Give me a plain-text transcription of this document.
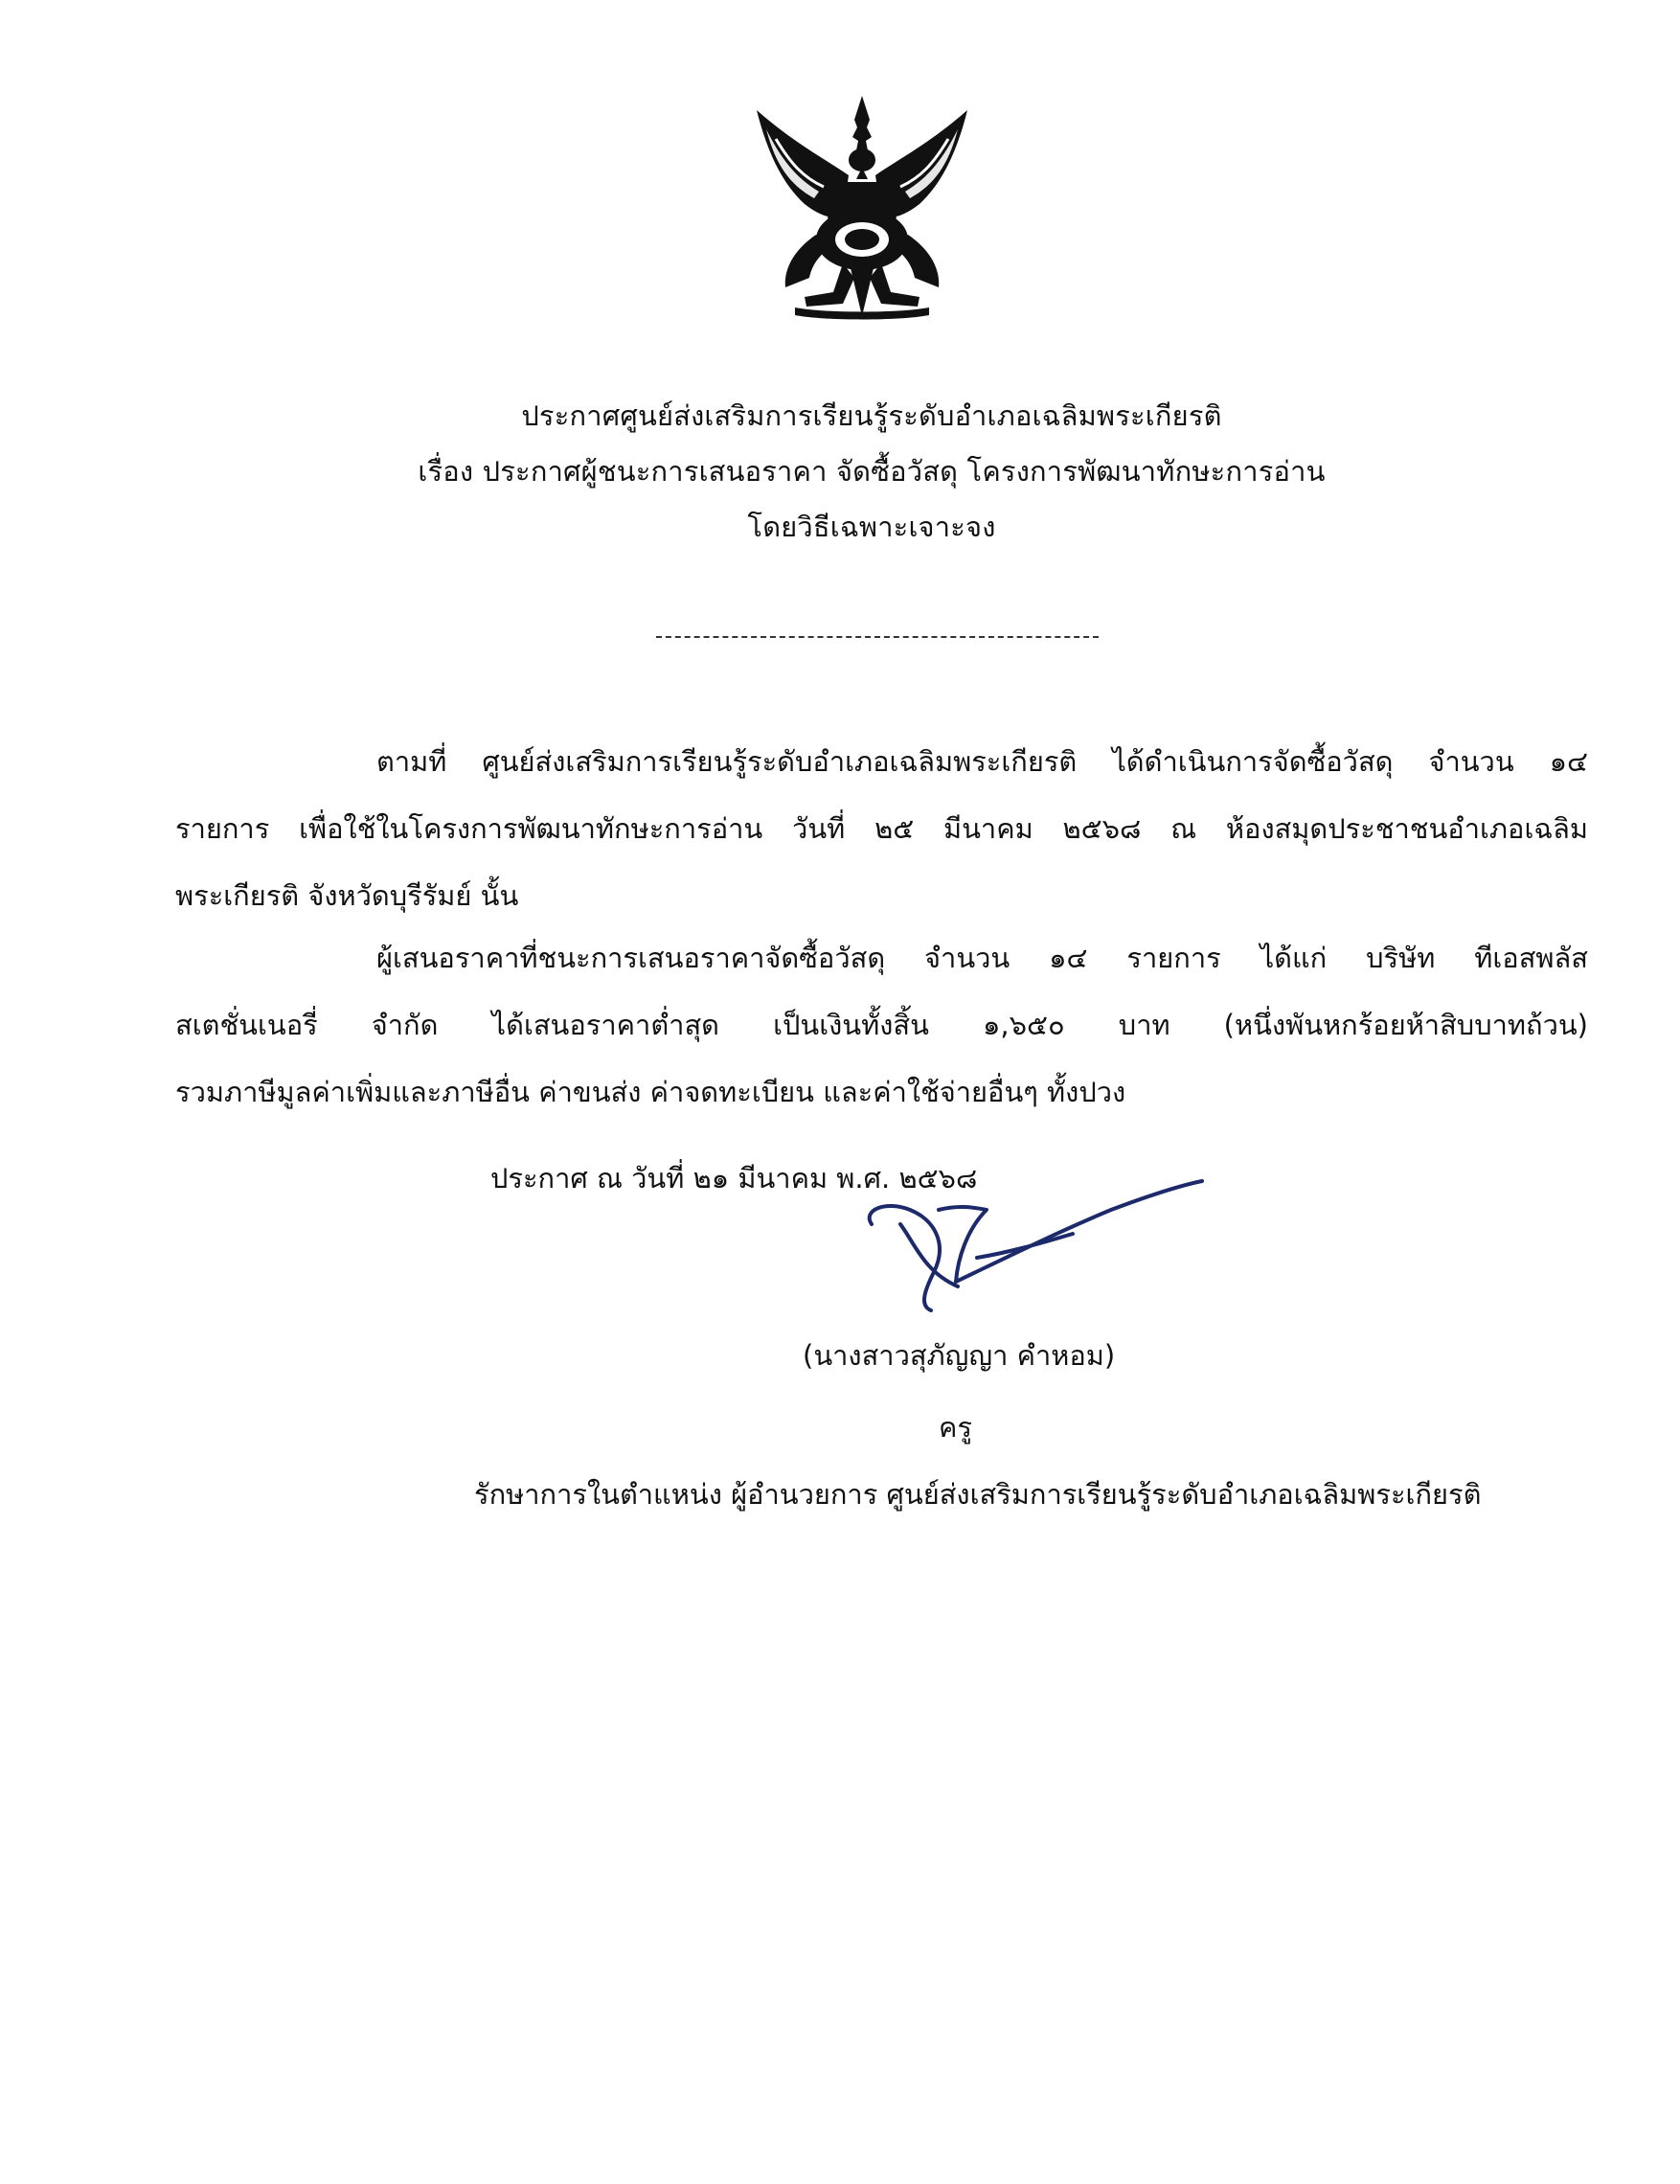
ประกาศศูนย์ส่งเสริมการเรียนรู้ระดับอำเภอเฉลิมพระเกียรติ
เรื่อง ประกาศผู้ชนะการเสนอราคา จัดซื้อวัสดุ โครงการพัฒนาทักษะการอ่าน
โดยวิธีเฉพาะเจาะจง
ตามที่ ศูนย์ส่งเสริมการเรียนรู้ระดับอำเภอเฉลิมพระเกียรติ ได้ดำเนินการจัดซื้อวัสดุ จำนวน ๑๔
รายการ เพื่อใช้ในโครงการพัฒนาทักษะการอ่าน วันที่ ๒๕ มีนาคม ๒๕๖๘ ณ ห้องสมุดประชาชนอำเภอเฉลิม
พระเกียรติ จังหวัดบุรีรัมย์ นั้น
ผู้เสนอราคาที่ชนะการเสนอราคาจัดซื้อวัสดุ จำนวน ๑๔ รายการ ได้แก่ บริษัท ทีเอสพลัส
สเตชั่นเนอรี่ จำกัด ได้เสนอราคาต่ำสุด เป็นเงินทั้งสิ้น ๑,๖๕๐ บาท (หนึ่งพันหกร้อยห้าสิบบาทถ้วน)
รวมภาษีมูลค่าเพิ่มและภาษีอื่น ค่าขนส่ง ค่าจดทะเบียน และค่าใช้จ่ายอื่นๆ ทั้งปวง
ประกาศ ณ วันที่ ๒๑ มีนาคม พ.ศ. ๒๕๖๘
(นางสาวสุภัญญา คำหอม)
ครู
รักษาการในตำแหน่ง ผู้อำนวยการ ศูนย์ส่งเสริมการเรียนรู้ระดับอำเภอเฉลิมพระเกียรติ
